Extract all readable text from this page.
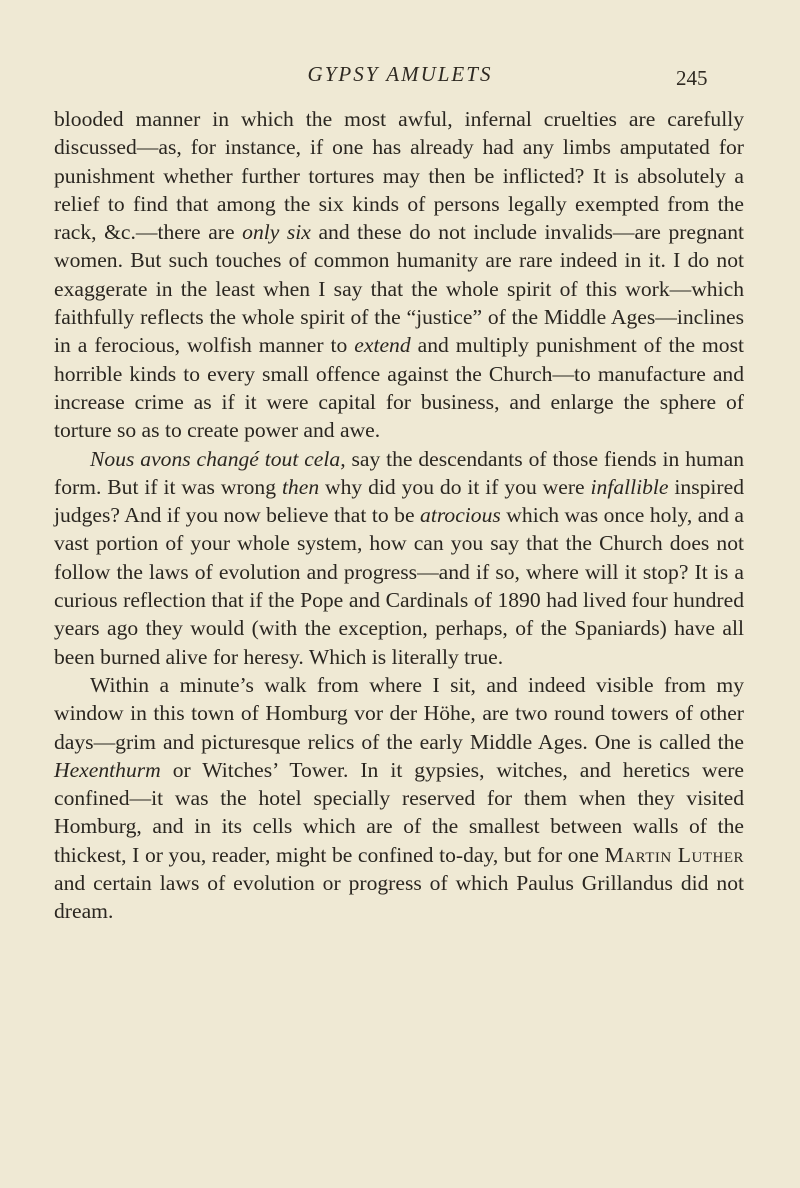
GYPSY AMULETS	245

blooded manner in which the most awful, infernal cruelties are carefully discussed—as, for instance, if one has already had any limbs amputated for punishment whether further tortures may then be inflicted? It is absolutely a relief to find that among the six kinds of persons legally exempted from the rack, &c.—there are only six and these do not include invalids—are pregnant women. But such touches of common humanity are rare indeed in it. I do not exaggerate in the least when I say that the whole spirit of this work—which faithfully reflects the whole spirit of the “justice” of the Middle Ages—inclines in a ferocious, wolfish manner to extend and multiply punishment of the most horrible kinds to every small offence against the Church—to manufacture and increase crime as if it were capital for business, and enlarge the sphere of torture so as to create power and awe.

Nous avons changé tout cela, say the descendants of those fiends in human form. But if it was wrong then why did you do it if you were infallible inspired judges? And if you now believe that to be atrocious which was once holy, and a vast portion of your whole system, how can you say that the Church does not follow the laws of evolution and progress—and if so, where will it stop? It is a curious reflection that if the Pope and Cardinals of 1890 had lived four hundred years ago they would (with the exception, perhaps, of the Spaniards) have all been burned alive for heresy. Which is literally true.

Within a minute’s walk from where I sit, and indeed visible from my window in this town of Homburg vor der Höhe, are two round towers of other days—grim and picturesque relics of the early Middle Ages. One is called the Hexenthurm or Witches’ Tower. In it gypsies, witches, and heretics were confined—it was the hotel specially reserved for them when they visited Homburg, and in its cells which are of the smallest between walls of the thickest, I or you, reader, might be confined to-day, but for one Martin Luther and certain laws of evolution or progress of which Paulus Grillandus did not dream.
